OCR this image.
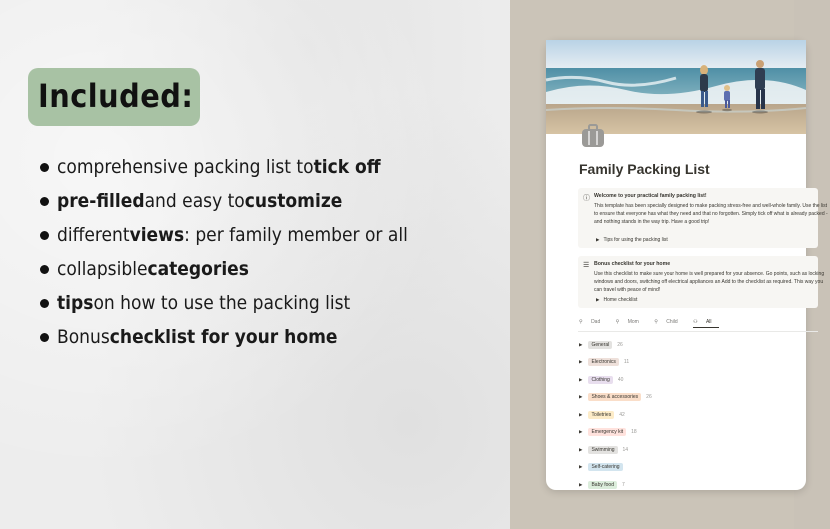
Included:
comprehensive packing list to tick off
pre-filled and easy to customize
different views : per family member or all
collapsible categories
tips on how to use the packing list
Bonus checklist for your home
Family Packing List
ⓘ Welcome to your practical family packing list!
This template has been specially designed to make packing stress-free and well-whole family. Use the list to ensure that everyone has what they need and that no forgotten. Simply tick off what is already packed - and nothing stands in the way trip. Have a good trip!
▶ Tips for using the packing list
☰ Bonus checklist for your home
Use this checklist to make sure your home is well prepared for your absence. Go points, such as locking windows and doors, switching off electrical appliances an Add to the checklist as required. This way you can travel with peace of mind!
▶ Home checklist
⚲ Dad	⚲ Mom	⚲ Child	⚇ All
▶	General	26
▶	Electronics	11
▶	Clothing	40
▶	Shoes & accessories	26
▶	Toiletries	42
▶	Emergency kit	18
▶	Swimming	14
▶	Self-catering
▶	Baby food	7
